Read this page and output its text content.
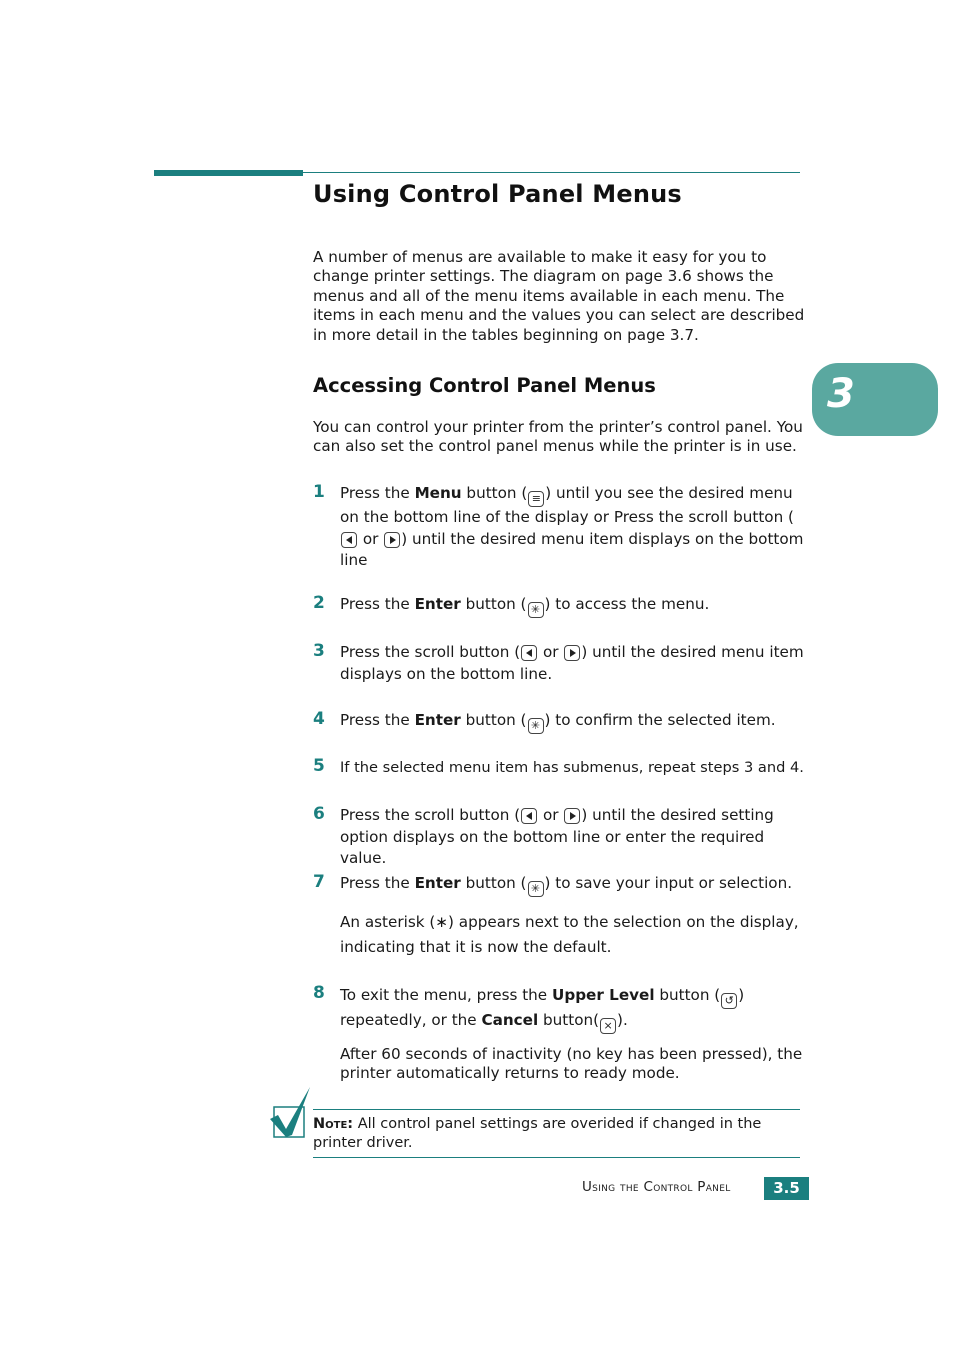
Using Control Panel Menus

A number of menus are available to make it easy for you to change printer settings. The diagram on page 3.6 shows the menus and all of the menu items available in each menu. The items in each menu and the values you can select are described in more detail in the tables beginning on page 3.7.

3
Accessing Control Panel Menus

You can control your printer from the printer’s control panel. You can also set the control panel menus while the printer is in use.

1 Press the Menu button ( ≡ ) until you see the desired menu on the bottom line of the display or Press the scroll button (
or
) until the desired menu item displays on the bottom line

2 Press the Enter button ( ✳ ) to access the menu.

3 Press the scroll button (
or
) until the desired menu item displays on the bottom line.

4 Press the Enter button ( ✳ ) to confirm the selected item.

5 If the selected menu item has submenus, repeat steps 3 and 4.

6 Press the scroll button (
or
) until the desired setting option displays on the bottom line or enter the required value.

7 Press the Enter button ( ✳ ) to save your input or selection.

An asterisk (∗) appears next to the selection on the display, indicating that it is now the default.

8 To exit the menu, press the Upper Level button ( ↺ ) repeatedly, or the Cancel button( × ).

After 60 seconds of inactivity (no key has been pressed), the printer automatically returns to ready mode.

Note: All control panel settings are overided if changed in the printer driver.

Using the Control Panel	3.5
